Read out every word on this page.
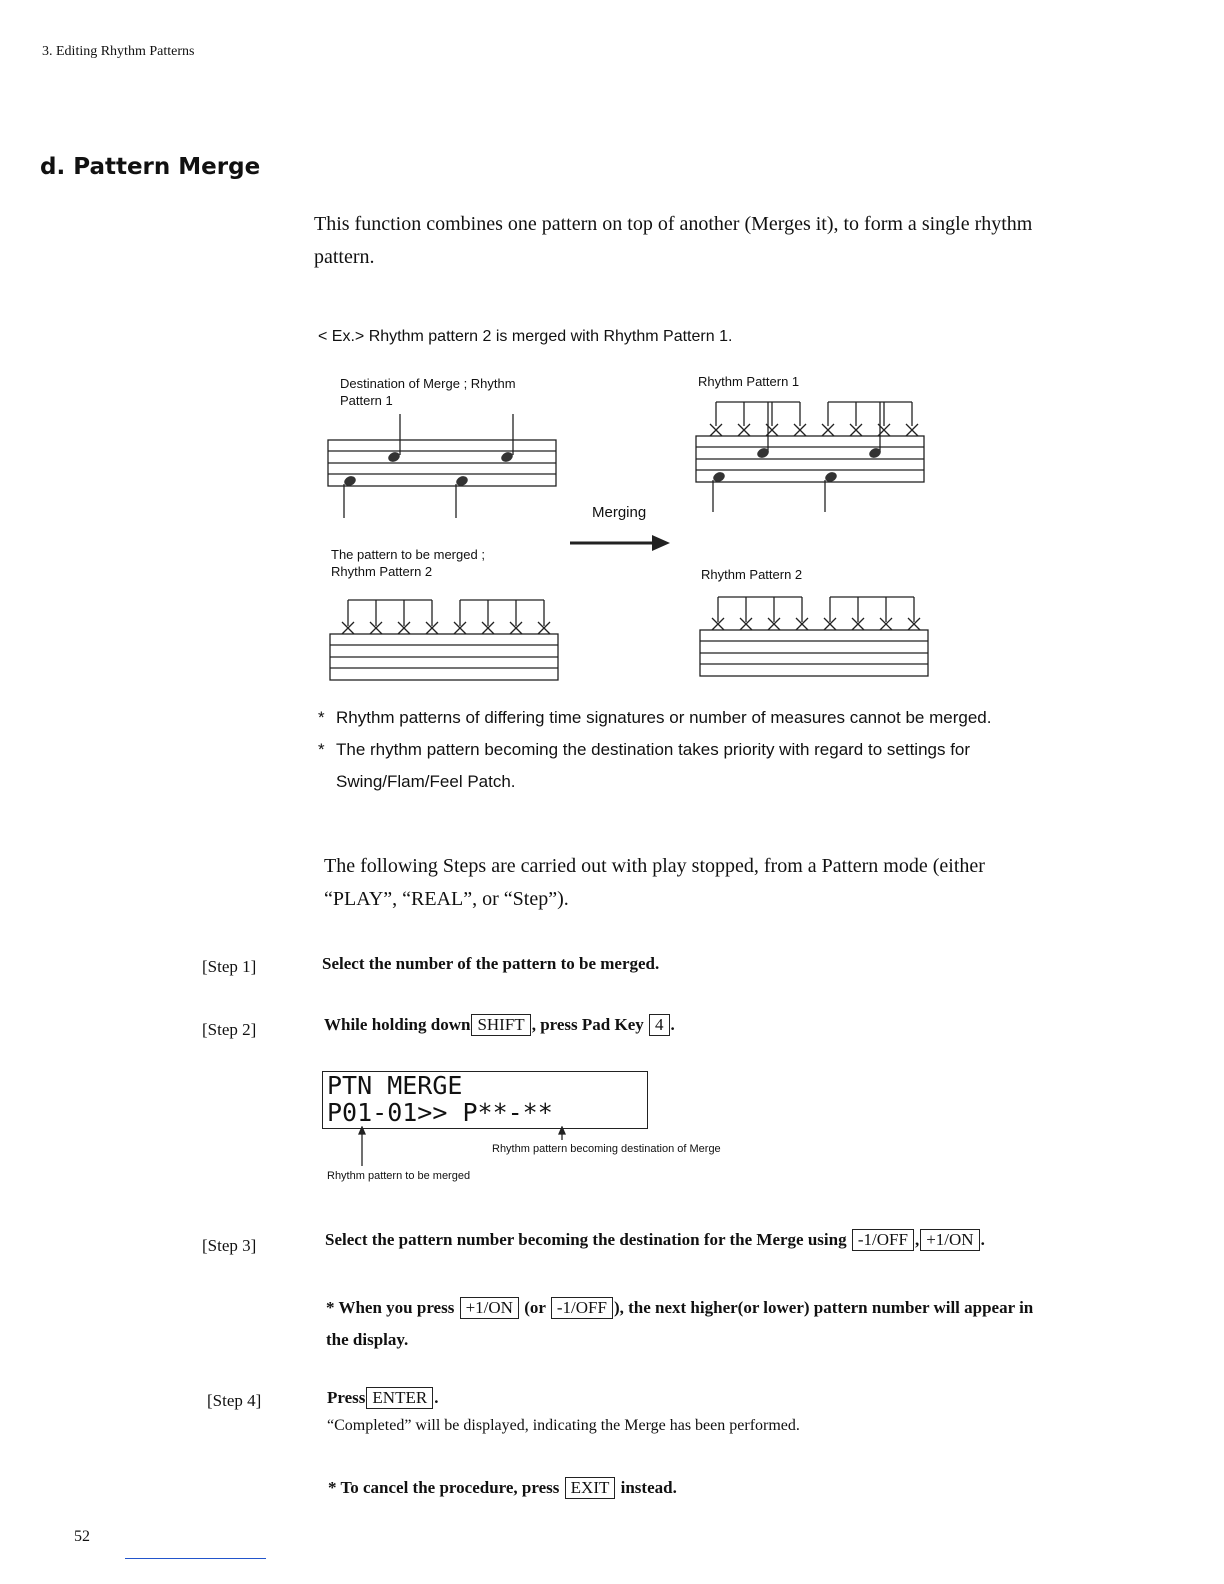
3. Editing Rhythm Patterns
d. Pattern Merge
This function combines one pattern on top of another (Merges it), to form a single rhythm pattern.
< Ex.> Rhythm pattern 2 is merged with Rhythm Pattern 1.
Destination of Merge ; Rhythm
Pattern 1
Rhythm Pattern 1
The pattern to be merged ;
Rhythm Pattern 2	Rhythm Pattern 2
Merging
* Rhythm patterns of differing time signatures or number of measures cannot be merged.
* The rhythm pattern becoming the destination takes priority with regard to settings for Swing/Flam/Feel Patch.
The following Steps are carried out with play stopped, from a Pattern mode (either “PLAY”, “REAL”, or “Step”).
[Step 1]	Select the number of the pattern to be merged.
[Step 2]	While holding down SHIFT , press Pad Key 4 .
PTN MERGE
P01-01>> P**-**
Rhythm pattern becoming destination of Merge
Rhythm pattern to be merged
[Step 3]	Select the pattern number becoming the destination for the Merge using -1/OFF , +1/ON .
* When you press +1/ON (or -1/OFF ), the next higher(or lower) pattern number will appear in the display.
[Step 4]	Press ENTER .
“Completed” will be displayed, indicating the Merge has been performed.
* To cancel the procedure, press EXIT instead.
52
